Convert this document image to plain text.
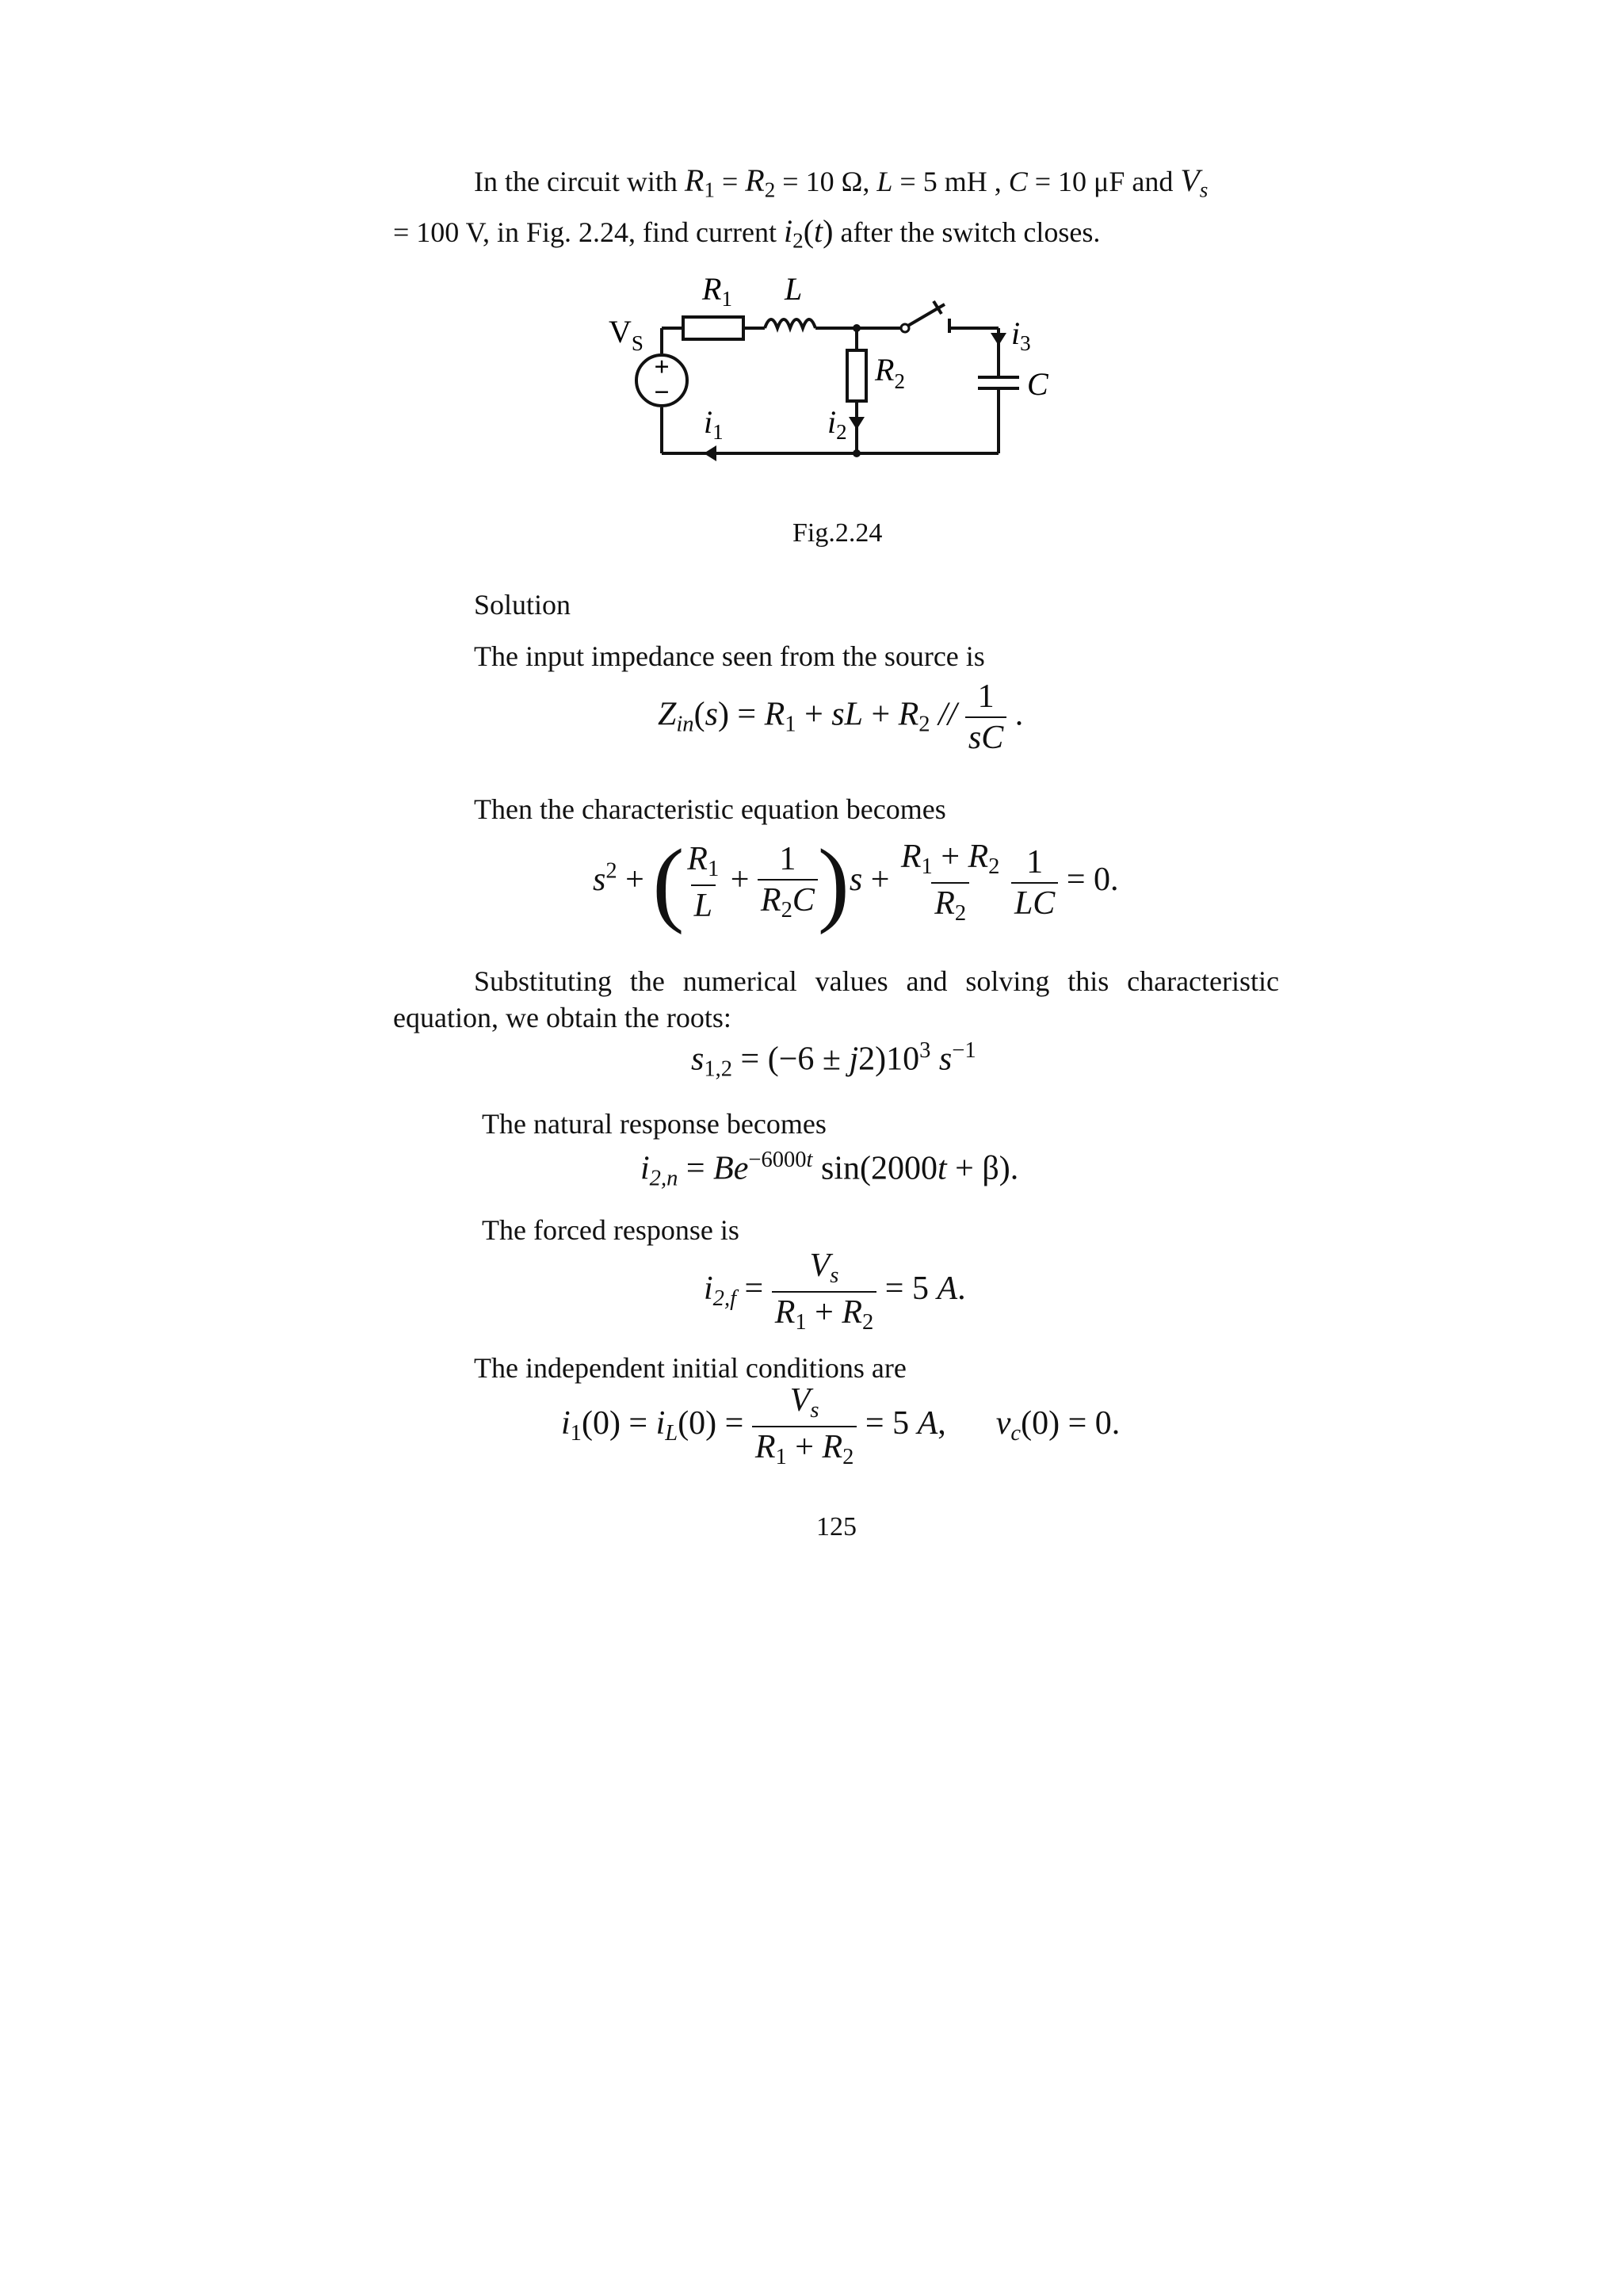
In the circuit with $R_1 = R_2 = 10$ Ω, L = 5 mH , C = 10 μF and Vs
= 100 V, in Fig. 2.24, find current $i_2(t)$ after the switch closes.
+
−
$R_1$ L
$V_S$
$R_2$	C
$i_1$	$i_2$
$i_3$
Fig.2.24
Solution
The input impedance seen from the source is
$Zin(s) = R_1$ + sL + $R_2 // \frac{1}{sC}$ .
Then the characteristic equation becomes
$s^2$ + ( $\frac{R_1}{L} + \frac{1}{R_2C} )s + \frac{R_1 + R_2}{R_2}$
$\frac{1}{LC} = 0$.
Substituting the numerical values and solving this characteristic
equation, we obtain the roots:
$s_{1,2} = (-6 \pm j2)10^3$ $s^{-1}$
The natural response becomes
$i2,n = Be^{-6000t}$ sin(2000t + β).
The forced response is
$i2,f = \frac{Vs}{R_1 + R_2} = 5$ A.
The independent initial conditions are
$i_1(0) = iL(0) = \frac{Vs}{R_1 + R_2} = 5$ A,      vc(0) = 0.
125
